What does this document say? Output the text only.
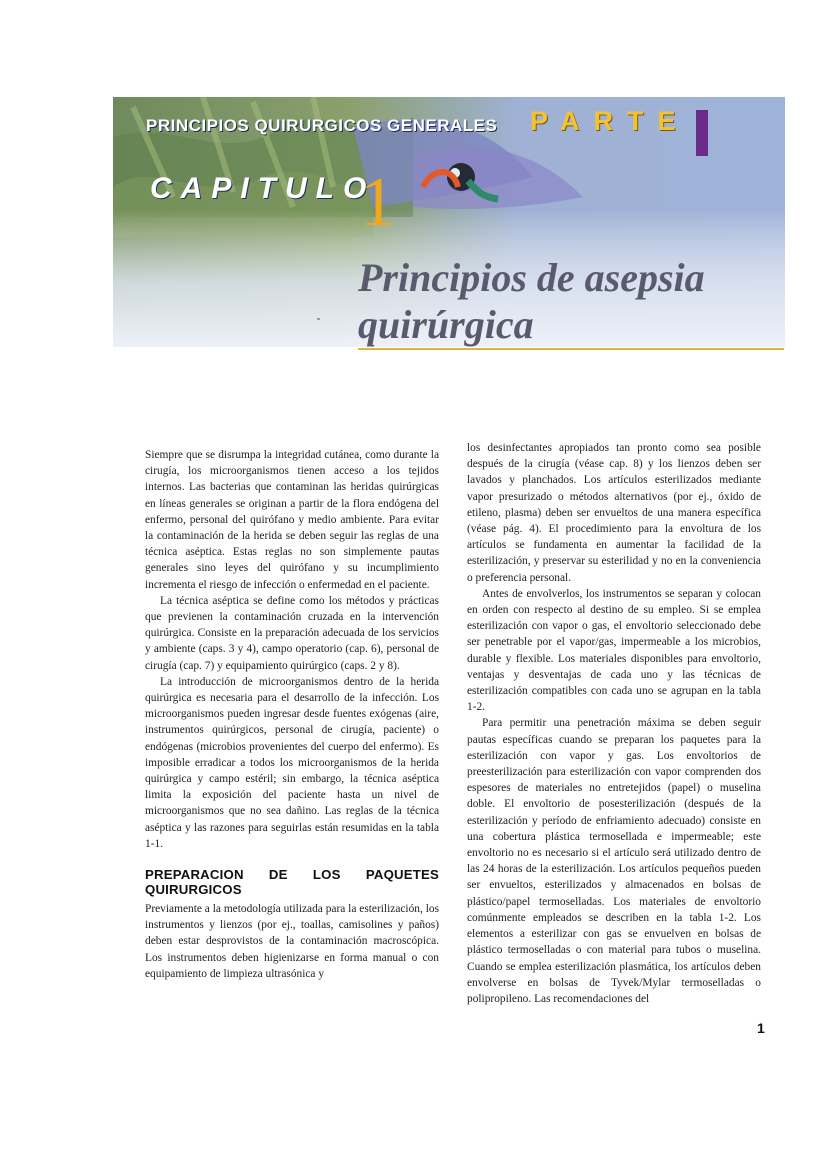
PRINCIPIOS QUIRURGICOS GENERALES PARTE
CAPITULO
1
Principios de asepsia
quirúrgica

Siempre que se disrumpa la integridad cutánea, como durante la cirugía, los microorganismos tienen acceso a los tejidos internos. Las bacterias que contaminan las heridas quirúrgicas en líneas generales se originan a partir de la flora endógena del enfermo, personal del quirófano y medio ambiente. Para evitar la contaminación de la herida se deben seguir las reglas de una técnica aséptica. Estas reglas no son simplemente pautas generales sino leyes del quirófano y su incumplimiento incrementa el riesgo de infección o enfermedad en el paciente.

La técnica aséptica se define como los métodos y prácticas que previenen la contaminación cruzada en la intervención quirúrgica. Consiste en la preparación adecuada de los servicios y ambiente (caps. 3 y 4), campo operatorio (cap. 6), personal de cirugía (cap. 7) y equipamiento quirúrgico (caps. 2 y 8).

La introducción de microorganismos dentro de la herida quirúrgica es necesaria para el desarrollo de la infección. Los microorganismos pueden ingresar desde fuentes exógenas (aire, instrumentos quirúrgicos, personal de cirugía, paciente) o endógenas (microbios provenientes del cuerpo del enfermo). Es imposible erradicar a todos los microorganismos de la herida quirúrgica y campo estéril; sin embargo, la técnica aséptica limita la exposición del paciente hasta un nivel de microorganismos que no sea dañino. Las reglas de la técnica aséptica y las razones para seguirlas están resumidas en la tabla 1-1.

PREPARACION DE LOS PAQUETES QUIRURGICOS

Previamente a la metodología utilizada para la esterilización, los instrumentos y lienzos (por ej., toallas, camisolines y paños) deben estar desprovistos de la contaminación macroscópica. Los instrumentos deben higienizarse en forma manual o con equipamiento de limpieza ultrasónica y

los desinfectantes apropiados tan pronto como sea posible después de la cirugía (véase cap. 8) y los lienzos deben ser lavados y planchados. Los artículos esterilizados mediante vapor presurizado o métodos alternativos (por ej., óxido de etileno, plasma) deben ser envueltos de una manera específica (véase pág. 4). El procedimiento para la envoltura de los artículos se fundamenta en aumentar la facilidad de la esterilización, y preservar su esterilidad y no en la conveniencia o preferencia personal.

Antes de envolverlos, los instrumentos se separan y colocan en orden con respecto al destino de su empleo. Si se emplea esterilización con vapor o gas, el envoltorio seleccionado debe ser penetrable por el vapor/gas, impermeable a los microbios, durable y flexible. Los materiales disponibles para envoltorio, ventajas y desventajas de cada uno y las técnicas de esterilización compatibles con cada uno se agrupan en la tabla 1-2.

Para permitir una penetración máxima se deben seguir pautas específicas cuando se preparan los paquetes para la esterilización con vapor y gas. Los envoltorios de preesterilización para esterilización con vapor comprenden dos espesores de materiales no entretejidos (papel) o muselina doble. El envoltorio de posesterilización (después de la esterilización y período de enfriamiento adecuado) consiste en una cobertura plástica termosellada e impermeable; este envoltorio no es necesario si el artículo será utilizado dentro de las 24 horas de la esterilización. Los artículos pequeños pueden ser envueltos, esterilizados y almacenados en bolsas de plástico/papel termoselladas. Los materiales de envoltorio comúnmente empleados se describen en la tabla 1-2. Los elementos a esterilizar con gas se envuelven en bolsas de plástico termoselladas o con material para tubos o muselina. Cuando se emplea esterilización plasmática, los artículos deben envolverse en bolsas de Tyvek/Mylar termoselladas o polipropileno. Las recomendaciones del

1
